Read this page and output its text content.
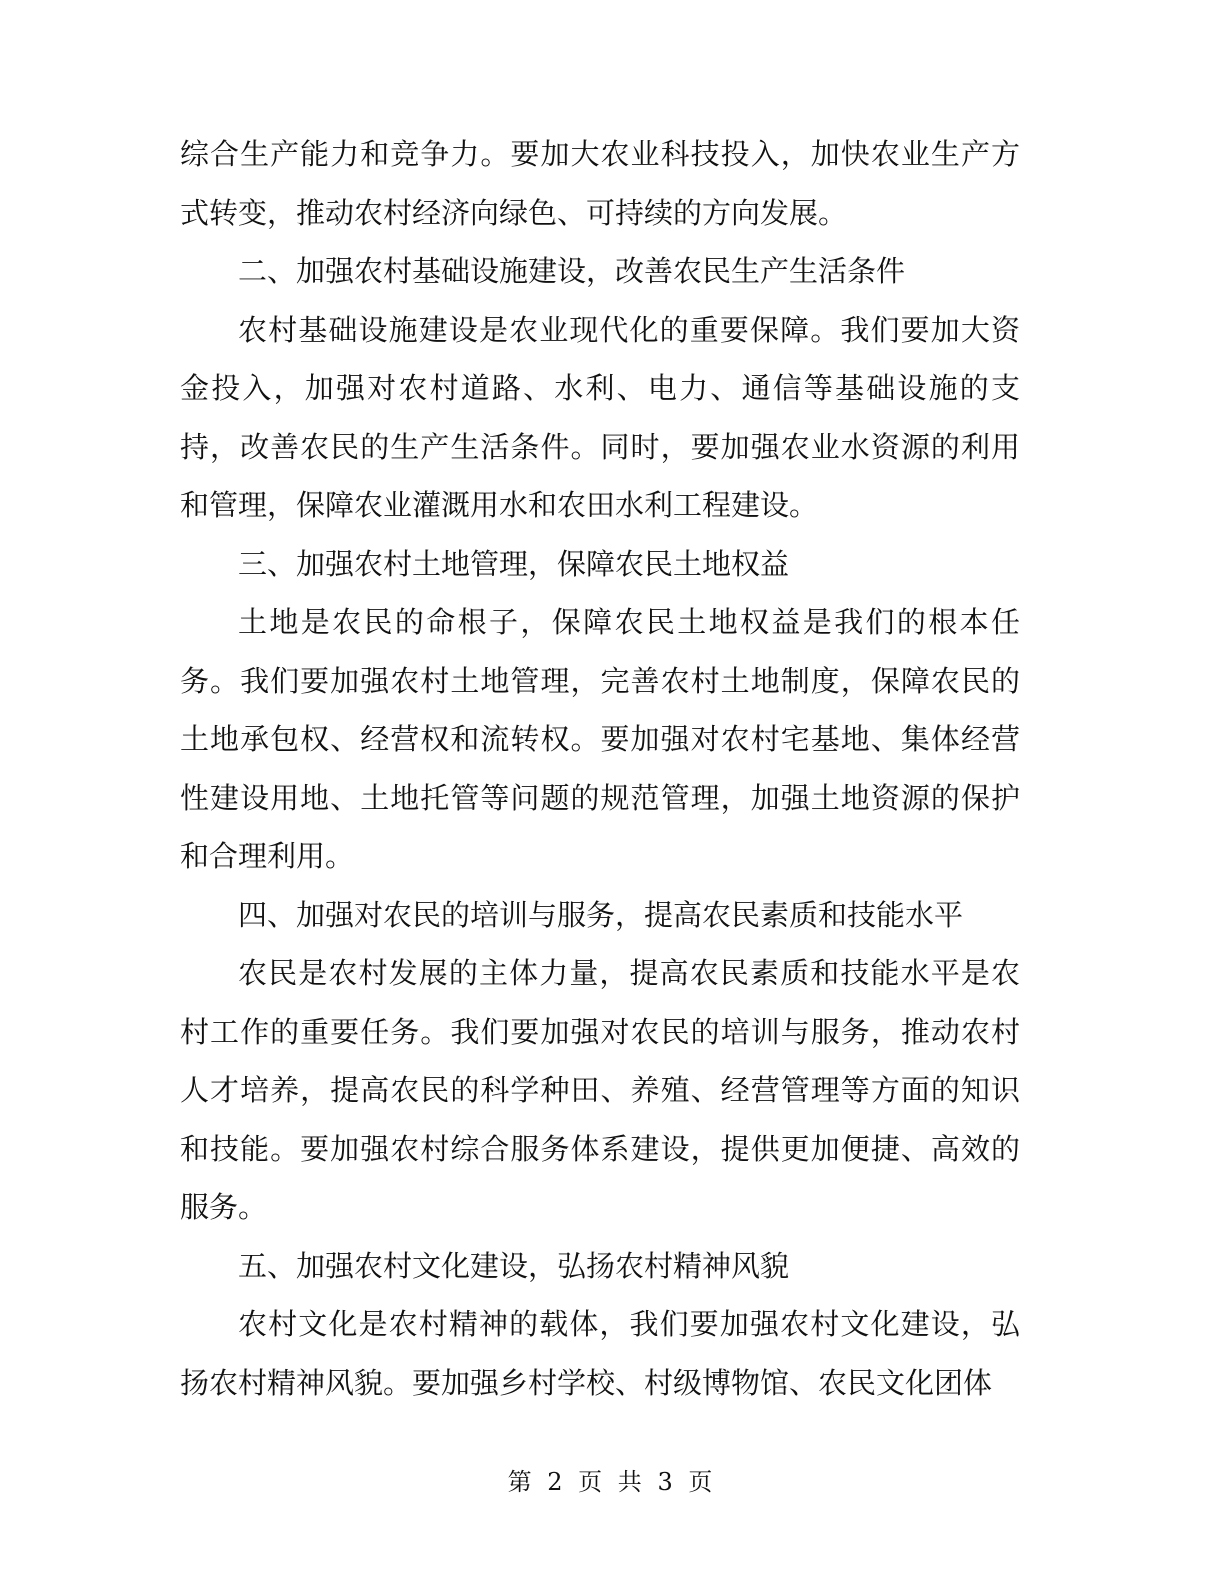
综合生产能力和竞争力。要加大农业科技投入，加快农业生产方式转变，推动农村经济向绿色、可持续的方向发展。

二、加强农村基础设施建设，改善农民生产生活条件

农村基础设施建设是农业现代化的重要保障。我们要加大资金投入，加强对农村道路、水利、电力、通信等基础设施的支持，改善农民的生产生活条件。同时，要加强农业水资源的利用和管理，保障农业灌溉用水和农田水利工程建设。

三、加强农村土地管理，保障农民土地权益

土地是农民的命根子，保障农民土地权益是我们的根本任务。我们要加强农村土地管理，完善农村土地制度，保障农民的土地承包权、经营权和流转权。要加强对农村宅基地、集体经营性建设用地、土地托管等问题的规范管理，加强土地资源的保护和合理利用。

四、加强对农民的培训与服务，提高农民素质和技能水平

农民是农村发展的主体力量，提高农民素质和技能水平是农村工作的重要任务。我们要加强对农民的培训与服务，推动农村人才培养，提高农民的科学种田、养殖、经营管理等方面的知识和技能。要加强农村综合服务体系建设，提供更加便捷、高效的服务。

五、加强农村文化建设，弘扬农村精神风貌

农村文化是农村精神的载体，我们要加强农村文化建设，弘扬农村精神风貌。要加强乡村学校、村级博物馆、农民文化团体

第 2 页 共 3 页
